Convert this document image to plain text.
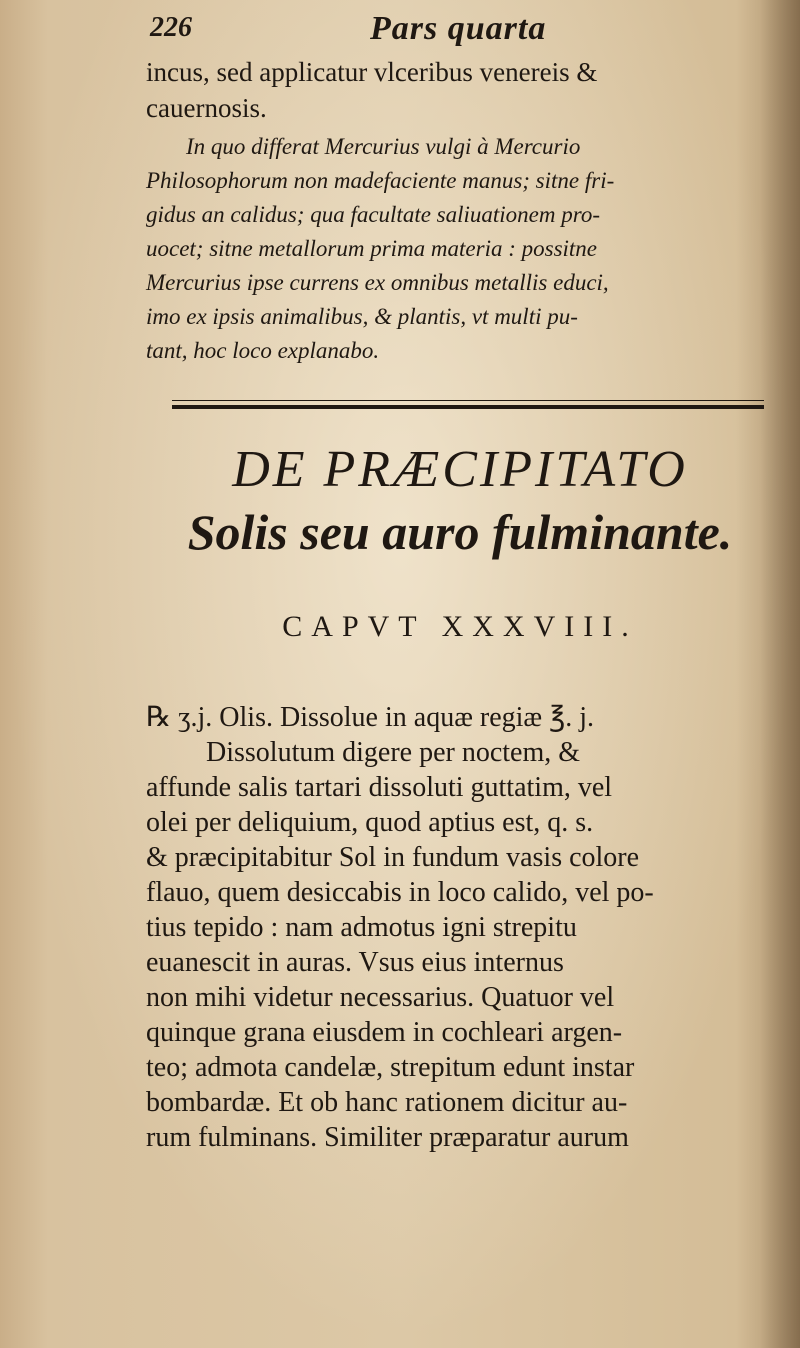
226	Pars quarta
incus, sed applicatur vlceribus venereis &
cauernosis.
In quo differat Mercurius vulgi à Mercurio
Philosophorum non madefaciente manus; sitne fri-
gidus an calidus; qua facultate saliuationem pro-
uocet; sitne metallorum prima materia : possitne
Mercurius ipse currens ex omnibus metallis educi,
imo ex ipsis animalibus, & plantis, vt multi pu-
tant, hoc loco explanabo.
DE PRÆCIPITATO
Solis seu auro fulminante.
CAPVT XXXVIII.
℞ ʒ.j. Olis. Dissolue in aquæ regiæ ℥. j.
Dissolutum digere per noctem, &
affunde salis tartari dissoluti guttatim, vel
olei per deliquium, quod aptius est, q. s.
& præcipitabitur Sol in fundum vasis colore
flauo, quem desiccabis in loco calido, vel po-
tius tepido : nam admotus igni strepitu
euanescit in auras. Vsus eius internus
non mihi videtur necessarius. Quatuor vel
quinque grana eiusdem in cochleari argen-
teo; admota candelæ, strepitum edunt instar
bombardæ. Et ob hanc rationem dicitur au-
rum fulminans. Similiter præparatur aurum
